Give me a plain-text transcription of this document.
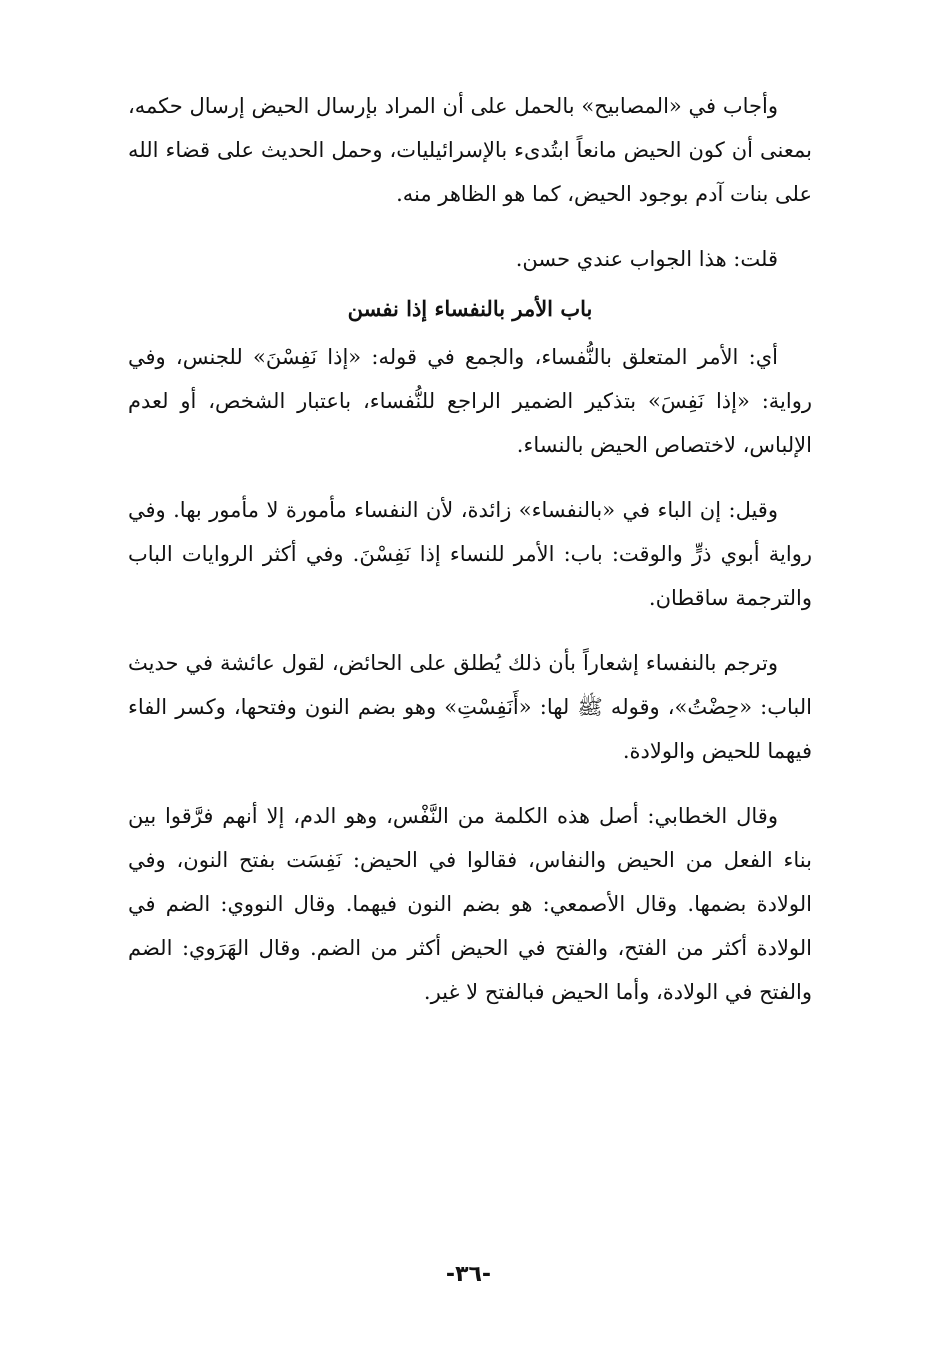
وأجاب في «المصابيح» بالحمل على أن المراد بإرسال الحيض إرسال حكمه، بمعنى أن كون الحيض مانعاً ابتُدىء بالإسرائيليات، وحمل الحديث على قضاء الله على بنات آدم بوجود الحيض، كما هو الظاهر منه.

قلت: هذا الجواب عندي حسن.

باب الأمر بالنفساء إذا نفسن

أي: الأمر المتعلق بالنُّفساء، والجمع في قوله: «إذا نَفِسْنَ» للجنس، وفي رواية: «إذا نَفِسَ» بتذكير الضمير الراجع للنُّفساء، باعتبار الشخص، أو لعدم الإلباس، لاختصاص الحيض بالنساء.

وقيل: إن الباء في «بالنفساء» زائدة، لأن النفساء مأمورة لا مأمور بها. وفي رواية أبوي ذرٍّ والوقت: باب: الأمر للنساء إذا نَفِسْنَ. وفي أكثر الروايات الباب والترجمة ساقطان.

وترجم بالنفساء إشعاراً بأن ذلك يُطلق على الحائض، لقول عائشة في حديث الباب: «حِضْتُ»، وقوله ﷺ لها: «أَنَفِسْتِ» وهو بضم النون وفتحها، وكسر الفاء فيهما للحيض والولادة.

وقال الخطابي: أصل هذه الكلمة من النَّفْس، وهو الدم، إلا أنهم فرَّقوا بين بناء الفعل من الحيض والنفاس، فقالوا في الحيض: نَفِسَت بفتح النون، وفي الولادة بضمها. وقال الأصمعي: هو بضم النون فيهما. وقال النووي: الضم في الولادة أكثر من الفتح، والفتح في الحيض أكثر من الضم. وقال الهَرَوي: الضم والفتح في الولادة، وأما الحيض فبالفتح لا غير.

-٣٦-
